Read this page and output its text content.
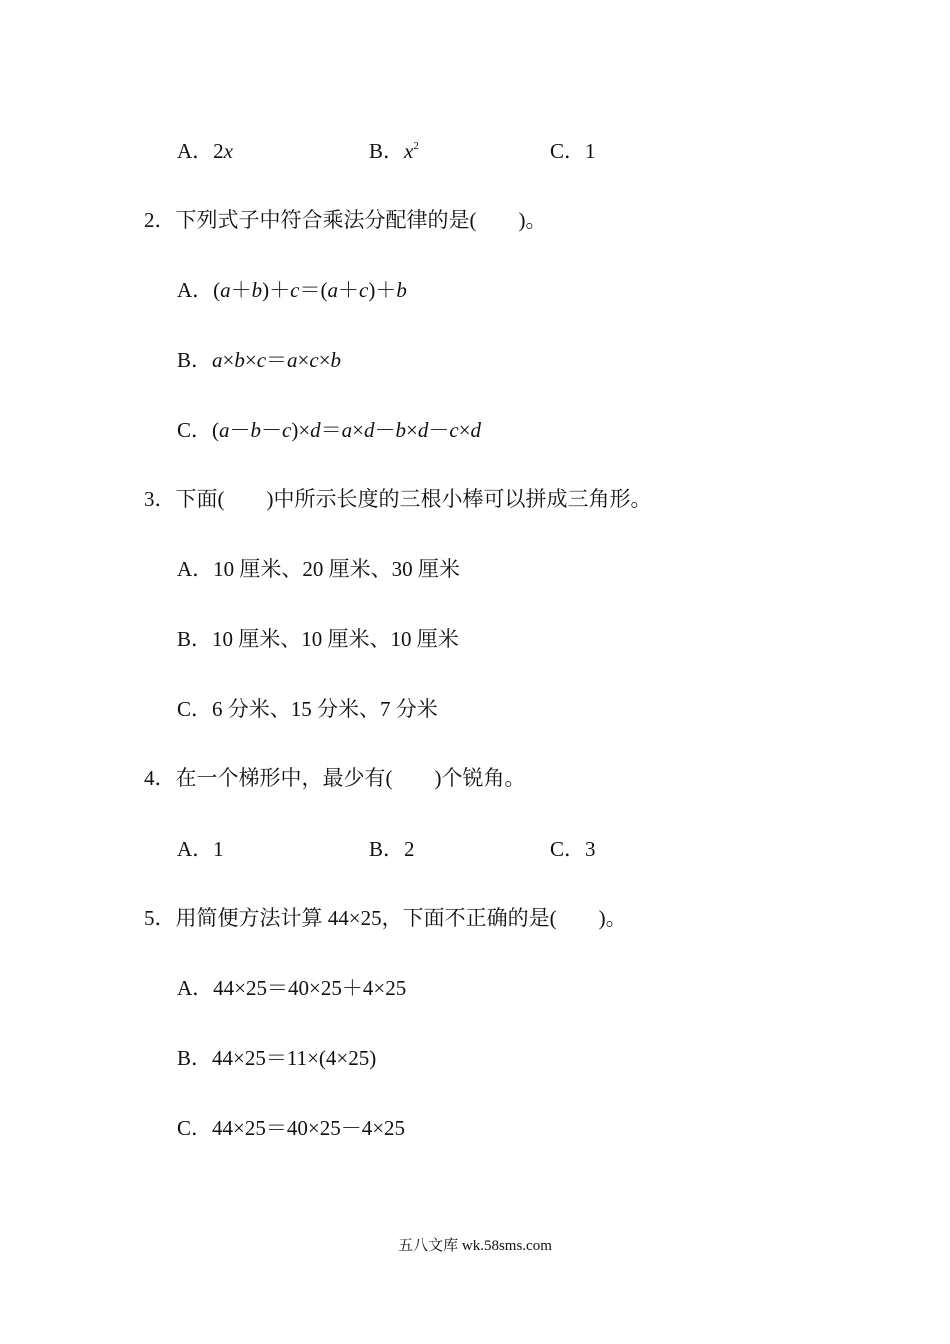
A．2x	B．$x^2$	C．1
2．下列式子中符合乘法分配律的是(　　)。
A．(a＋b)＋c＝(a＋c)＋b
B．a×b×c＝a×c×b
C．(a－b－c)×d＝a×d－b×d－c×d
3．下面(　　)中所示长度的三根小棒可以拼成三角形。
A．10 厘米、20 厘米、30 厘米
B．10 厘米、10 厘米、10 厘米
C．6 分米、15 分米、7 分米
4．在一个梯形中，最少有(　　)个锐角。
A．1	B．2	C．3
5．用简便方法计算 44×25，下面不正确的是(　　)。
A．44×25＝40×25＋4×25
B．44×25＝11×(4×25)
C．44×25＝40×25－4×25
五八文库 wk.58sms.com
